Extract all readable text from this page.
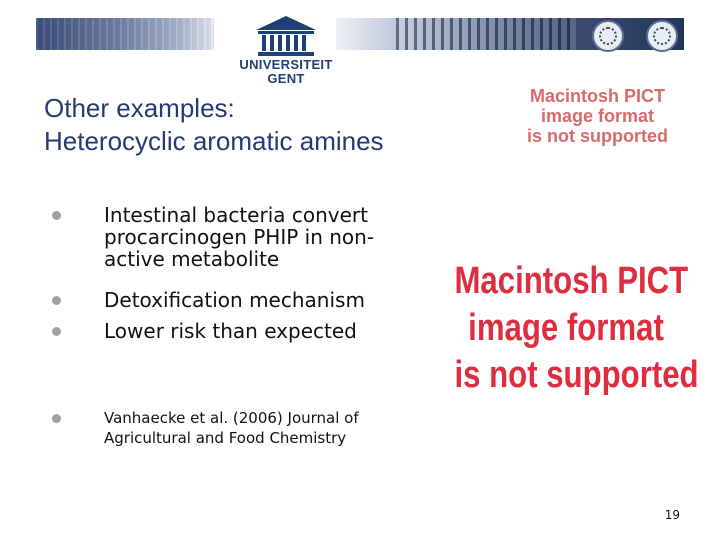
UNIVERSITEIT
GENT
Other examples:
Heterocyclic aromatic amines
Macintosh PICT
image format
is not supported
Intestinal bacteria convert
procarcinogen PHIP in non-
active metabolite
Detoxification mechanism
Lower risk than expected
Vanhaecke et al. (2006) Journal of
Agricultural and Food Chemistry
Macintosh PICT
image format
is not supported
19
